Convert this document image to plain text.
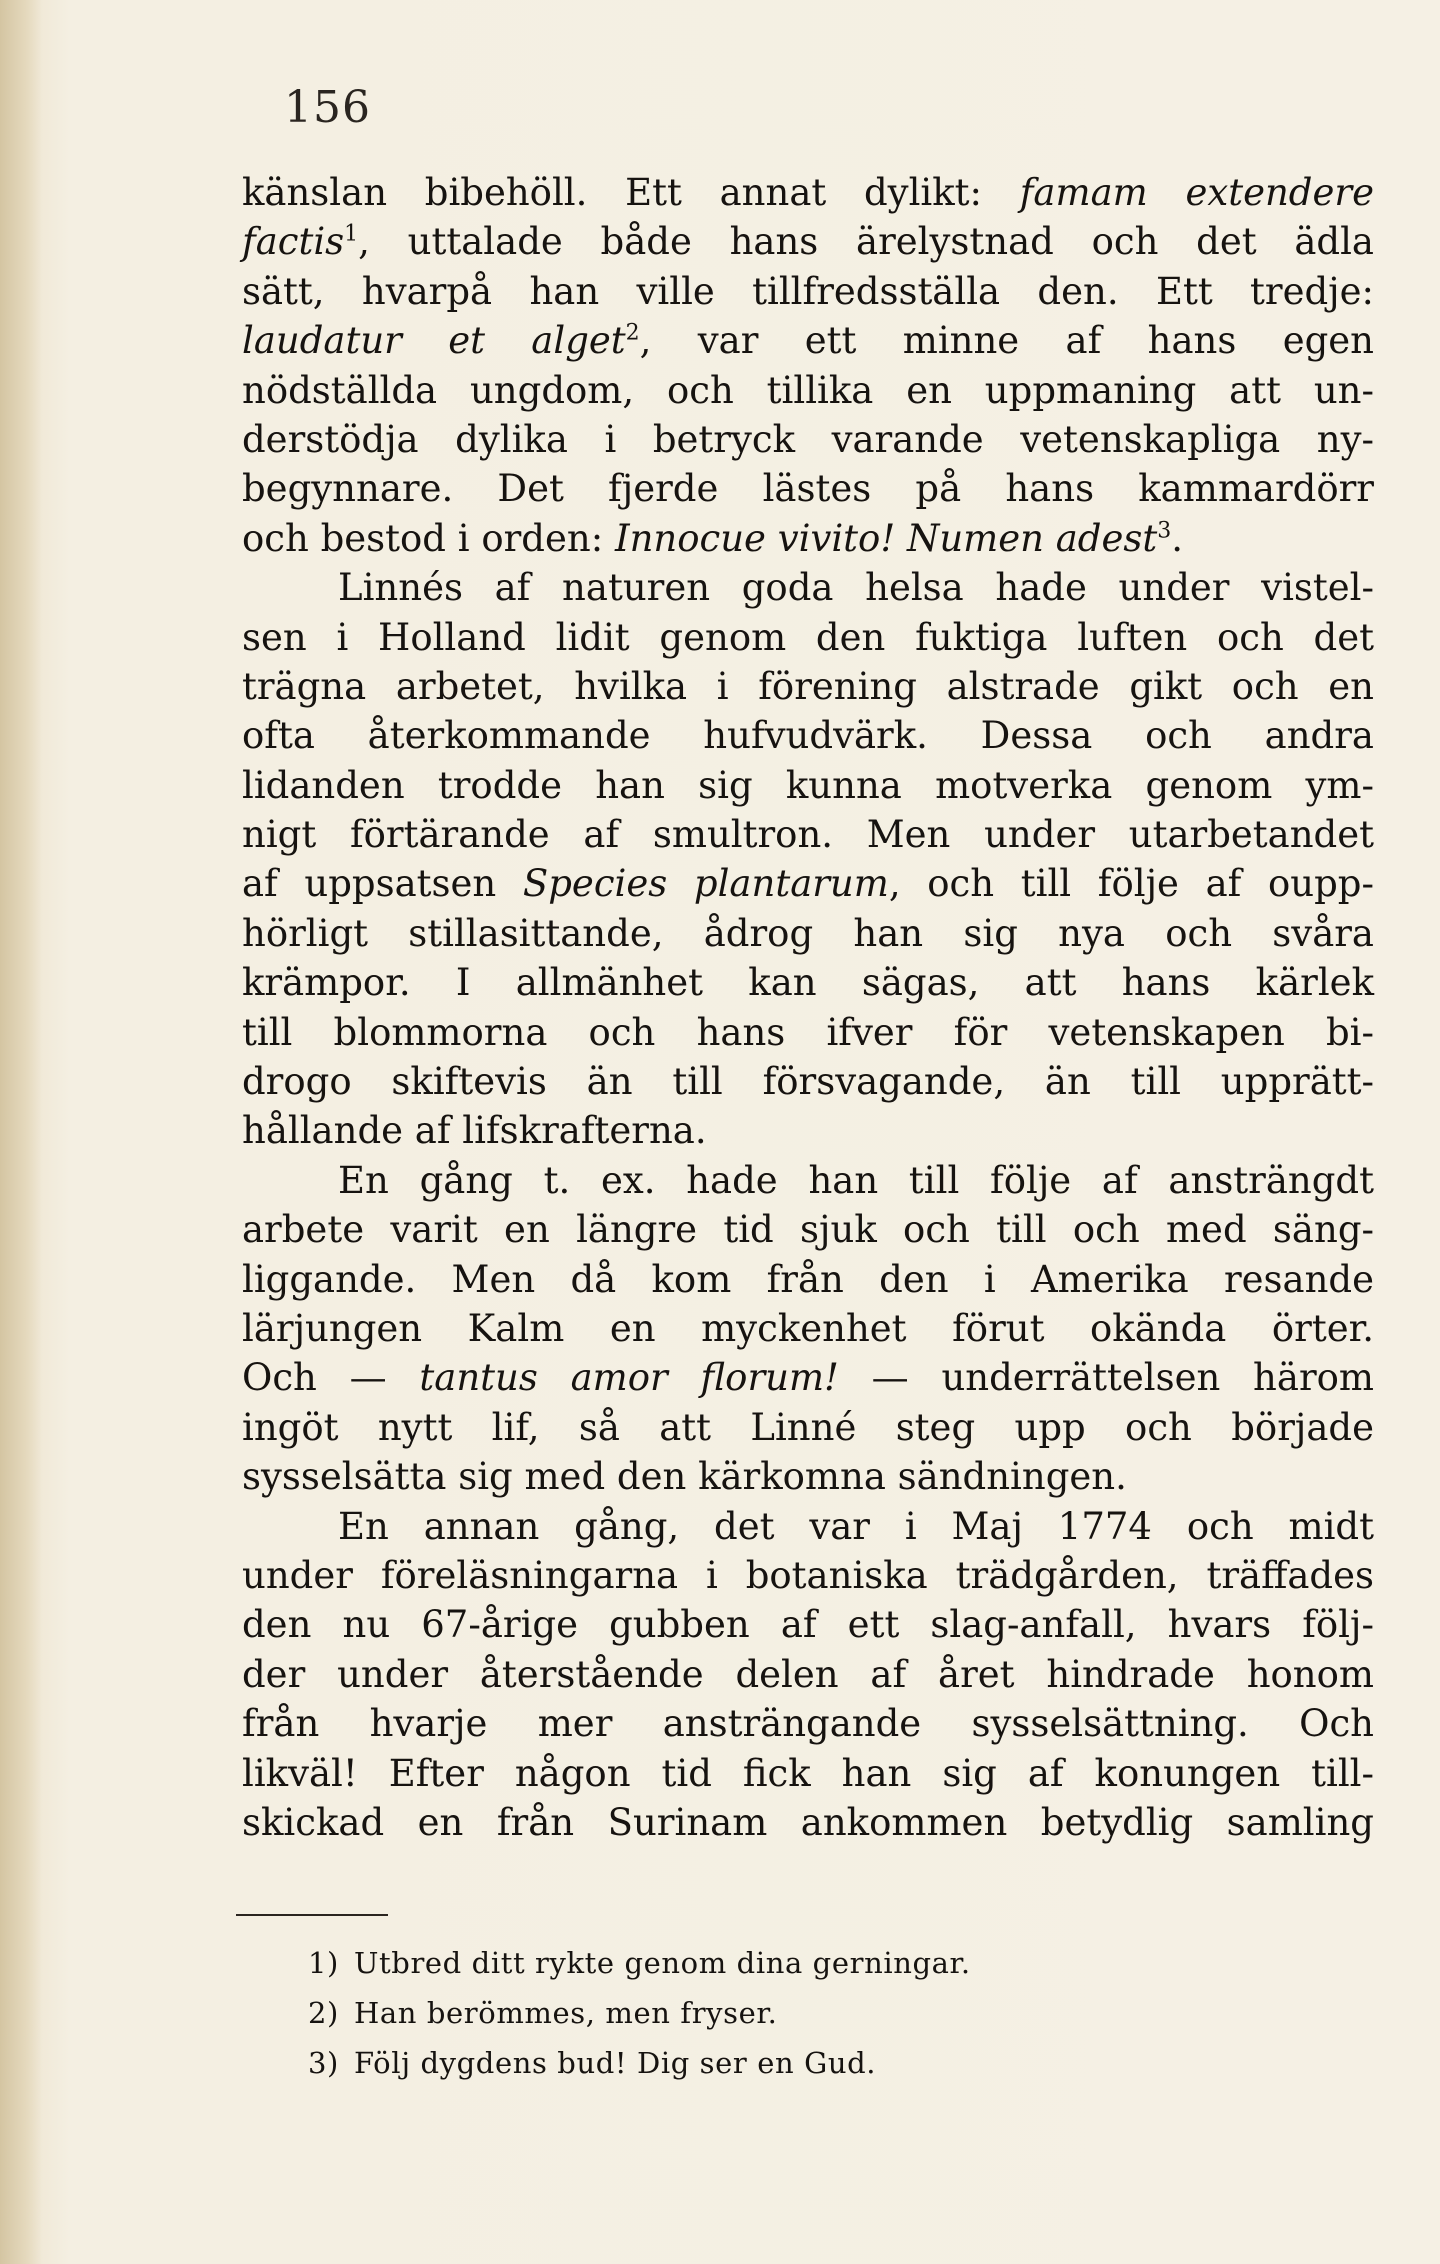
156
känslan bibehöll. Ett annat dylikt: famam extendere
factis$^1$, uttalade både hans ärelystnad och det ädla
sätt, hvarpå han ville tillfredsställa den. Ett tredje:
laudatur et alget$^2$, var ett minne af hans egen
nödställda ungdom, och tillika en uppmaning att un-
derstödja dylika i betryck varande vetenskapliga ny-
begynnare. Det fjerde lästes på hans kammardörr
och bestod i orden: Innocue vivito! Numen adest$^3$.
Linnés af naturen goda helsa hade under vistel-
sen i Holland lidit genom den fuktiga luften och det
trägna arbetet, hvilka i förening alstrade gikt och en
ofta återkommande hufvudvärk. Dessa och andra
lidanden trodde han sig kunna motverka genom ym-
nigt förtärande af smultron. Men under utarbetandet
af uppsatsen Species plantarum, och till följe af oupp-
hörligt stillasittande, ådrog han sig nya och svåra
krämpor. I allmänhet kan sägas, att hans kärlek
till blommorna och hans ifver för vetenskapen bi-
drogo skiftevis än till försvagande, än till upprätt-
hållande af lifskrafterna.
En gång t. ex. hade han till följe af ansträngdt
arbete varit en längre tid sjuk och till och med säng-
liggande. Men då kom från den i Amerika resande
lärjungen Kalm en myckenhet förut okända örter.
Och — tantus amor florum! — underrättelsen härom
ingöt nytt lif, så att Linné steg upp och började
sysselsätta sig med den kärkomna sändningen.
En annan gång, det var i Maj 1774 och midt
under föreläsningarna i botaniska trädgården, träffades
den nu 67-årige gubben af ett slag-anfall, hvars följ-
der under återstående delen af året hindrade honom
från hvarje mer ansträngande sysselsättning. Och
likväl! Efter någon tid fick han sig af konungen till-
skickad en från Surinam ankommen betydlig samling
1) Utbred ditt rykte genom dina gerningar.
2) Han berömmes, men fryser.
3) Följ dygdens bud! Dig ser en Gud.
